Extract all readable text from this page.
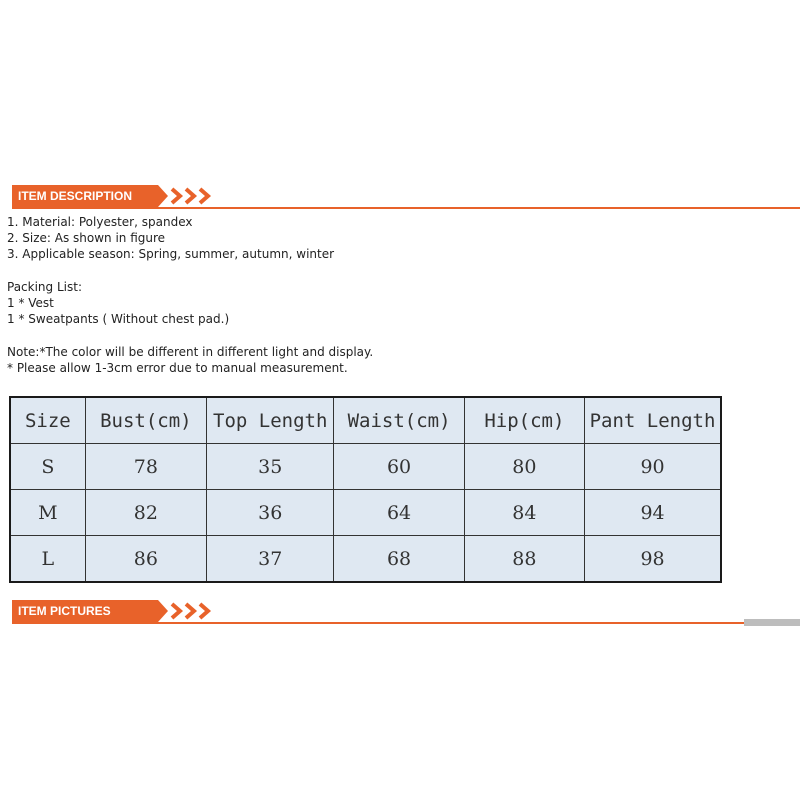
ITEM DESCRIPTION
1. Material: Polyester, spandex
2. Size: As shown in figure
3. Applicable season: Spring, summer, autumn, winter
Packing List:
1 * Vest
1 * Sweatpants ( Without chest pad.)
Note:*The color will be different in different light and display.
* Please allow 1-3cm error due to manual measurement.
Size	Bust(cm)	Top Length	Waist(cm)	Hip(cm)	Pant Length
S	78	35	60	80	90
M	82	36	64	84	94
L	86	37	68	88	98
ITEM PICTURES
